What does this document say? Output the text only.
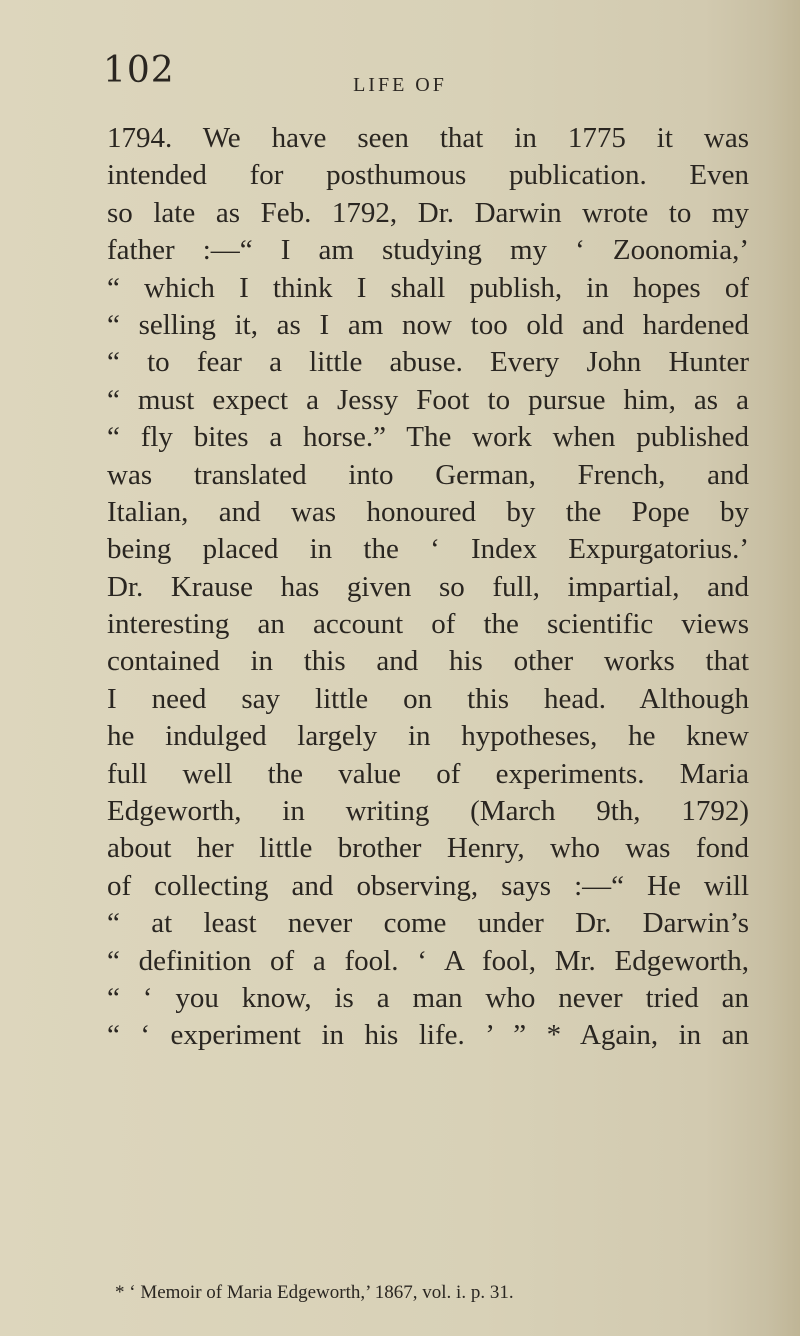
102	LIFE OF
1794. We have seen that in 1775 it was
intended for posthumous publication. Even
so late as Feb. 1792, Dr. Darwin wrote to my
father :—“ I am studying my ‘ Zoonomia,’
“ which I think I shall publish, in hopes of
“ selling it, as I am now too old and hardened
“ to fear a little abuse. Every John Hunter
“ must expect a Jessy Foot to pursue him, as a
“ fly bites a horse.” The work when published
was translated into German, French, and
Italian, and was honoured by the Pope by
being placed in the ‘ Index Expurgatorius.’
Dr. Krause has given so full, impartial, and
interesting an account of the scientific views
contained in this and his other works that
I need say little on this head. Although
he indulged largely in hypotheses, he knew
full well the value of experiments. Maria
Edgeworth, in writing (March 9th, 1792)
about her little brother Henry, who was fond
of collecting and observing, says :—“ He will
“ at least never come under Dr. Darwin’s
“ definition of a fool. ‘ A fool, Mr. Edgeworth,
“ ‘ you know, is a man who never tried an
“ ‘ experiment in his life. ’ ” * Again, in an
* ‘ Memoir of Maria Edgeworth,’ 1867, vol. i. p. 31.
